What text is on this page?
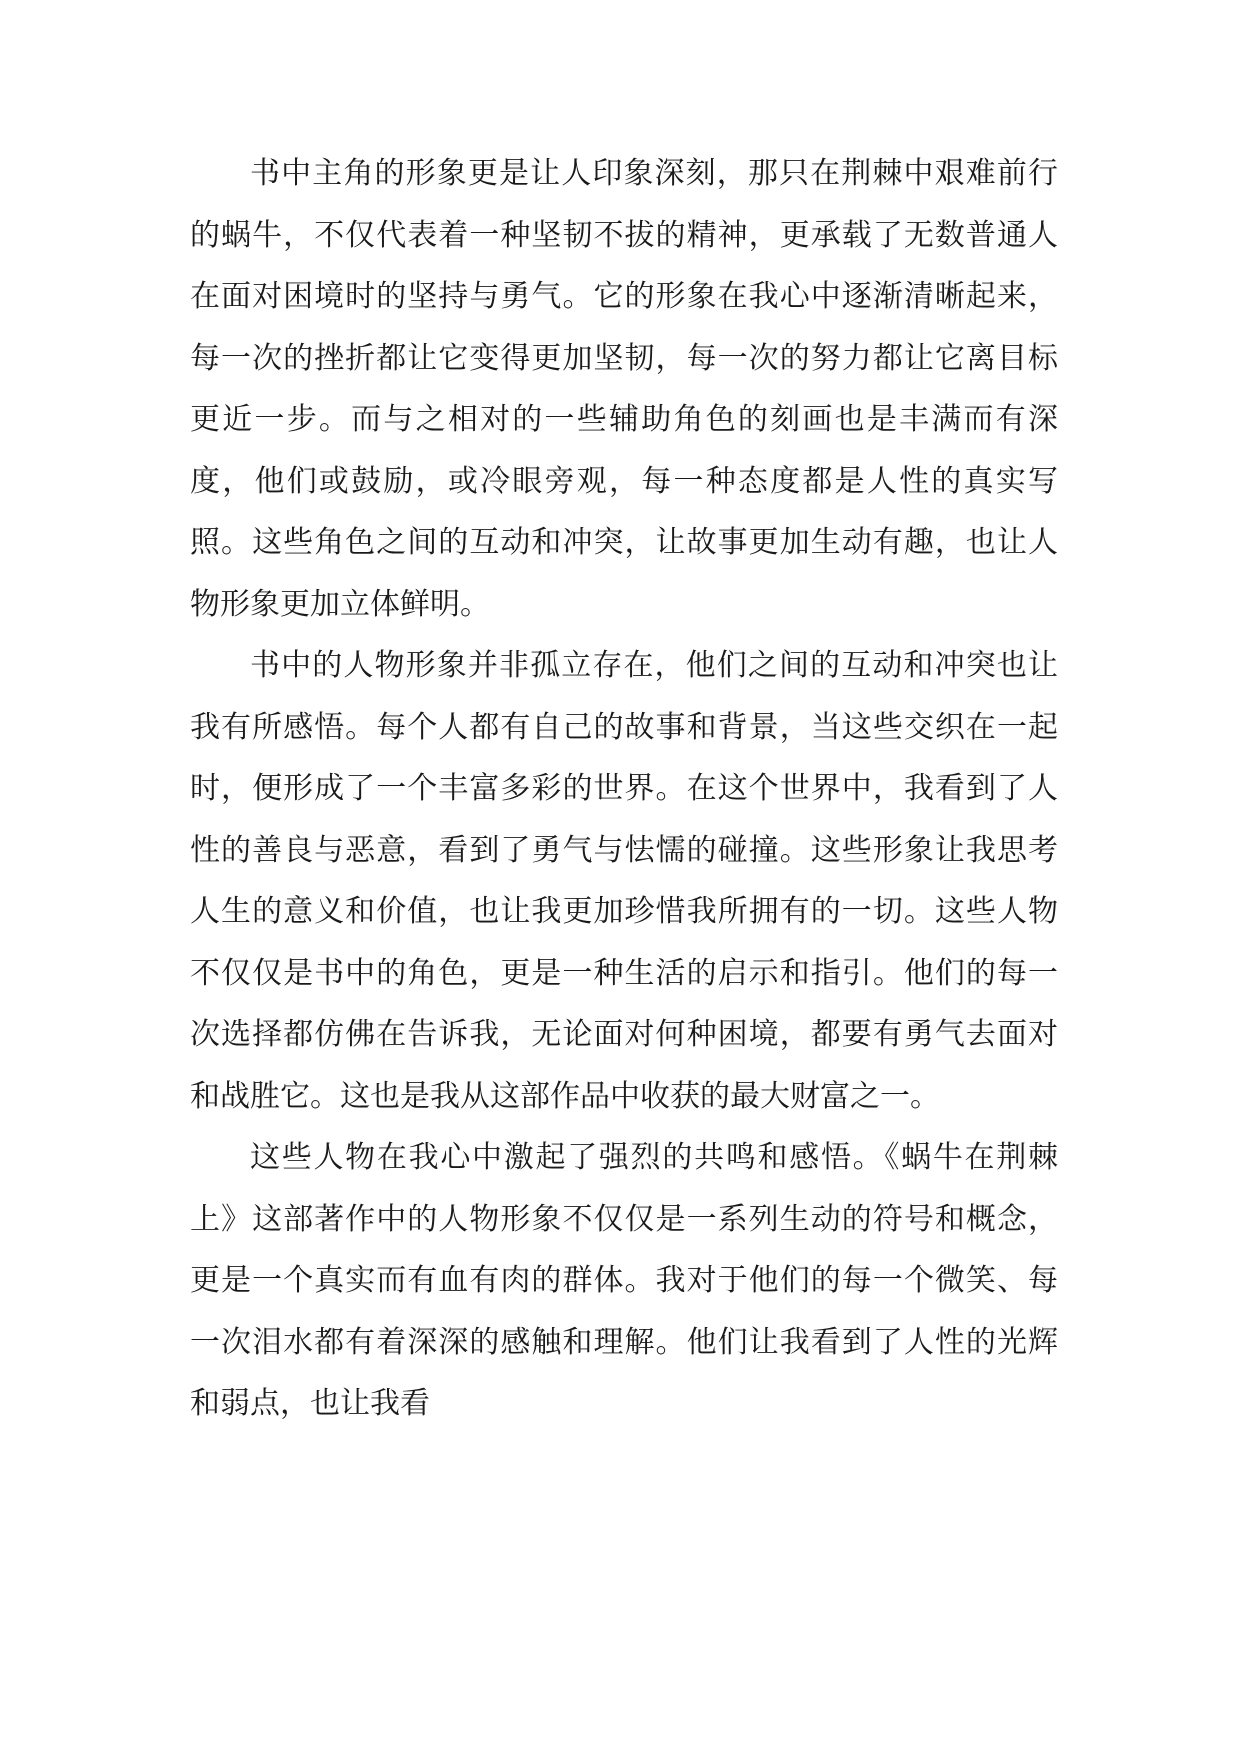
书中主角的形象更是让人印象深刻，那只在荆棘中艰难前行的蜗牛，不仅代表着一种坚韧不拔的精神，更承载了无数普通人在面对困境时的坚持与勇气。它的形象在我心中逐渐清晰起来，每一次的挫折都让它变得更加坚韧，每一次的努力都让它离目标更近一步。而与之相对的一些辅助角色的刻画也是丰满而有深度，他们或鼓励，或冷眼旁观，每一种态度都是人性的真实写照。这些角色之间的互动和冲突，让故事更加生动有趣，也让人物形象更加立体鲜明。

书中的人物形象并非孤立存在，他们之间的互动和冲突也让我有所感悟。每个人都有自己的故事和背景，当这些交织在一起时，便形成了一个丰富多彩的世界。在这个世界中，我看到了人性的善良与恶意，看到了勇气与怯懦的碰撞。这些形象让我思考人生的意义和价值，也让我更加珍惜我所拥有的一切。这些人物不仅仅是书中的角色，更是一种生活的启示和指引。他们的每一次选择都仿佛在告诉我，无论面对何种困境，都要有勇气去面对和战胜它。这也是我从这部作品中收获的最大财富之一。

这些人物在我心中激起了强烈的共鸣和感悟。《蜗牛在荆棘上》这部著作中的人物形象不仅仅是一系列生动的符号和概念，更是一个真实而有血有肉的群体。我对于他们的每一个微笑、每一次泪水都有着深深的感触和理解。他们让我看到了人性的光辉和弱点，也让我看
